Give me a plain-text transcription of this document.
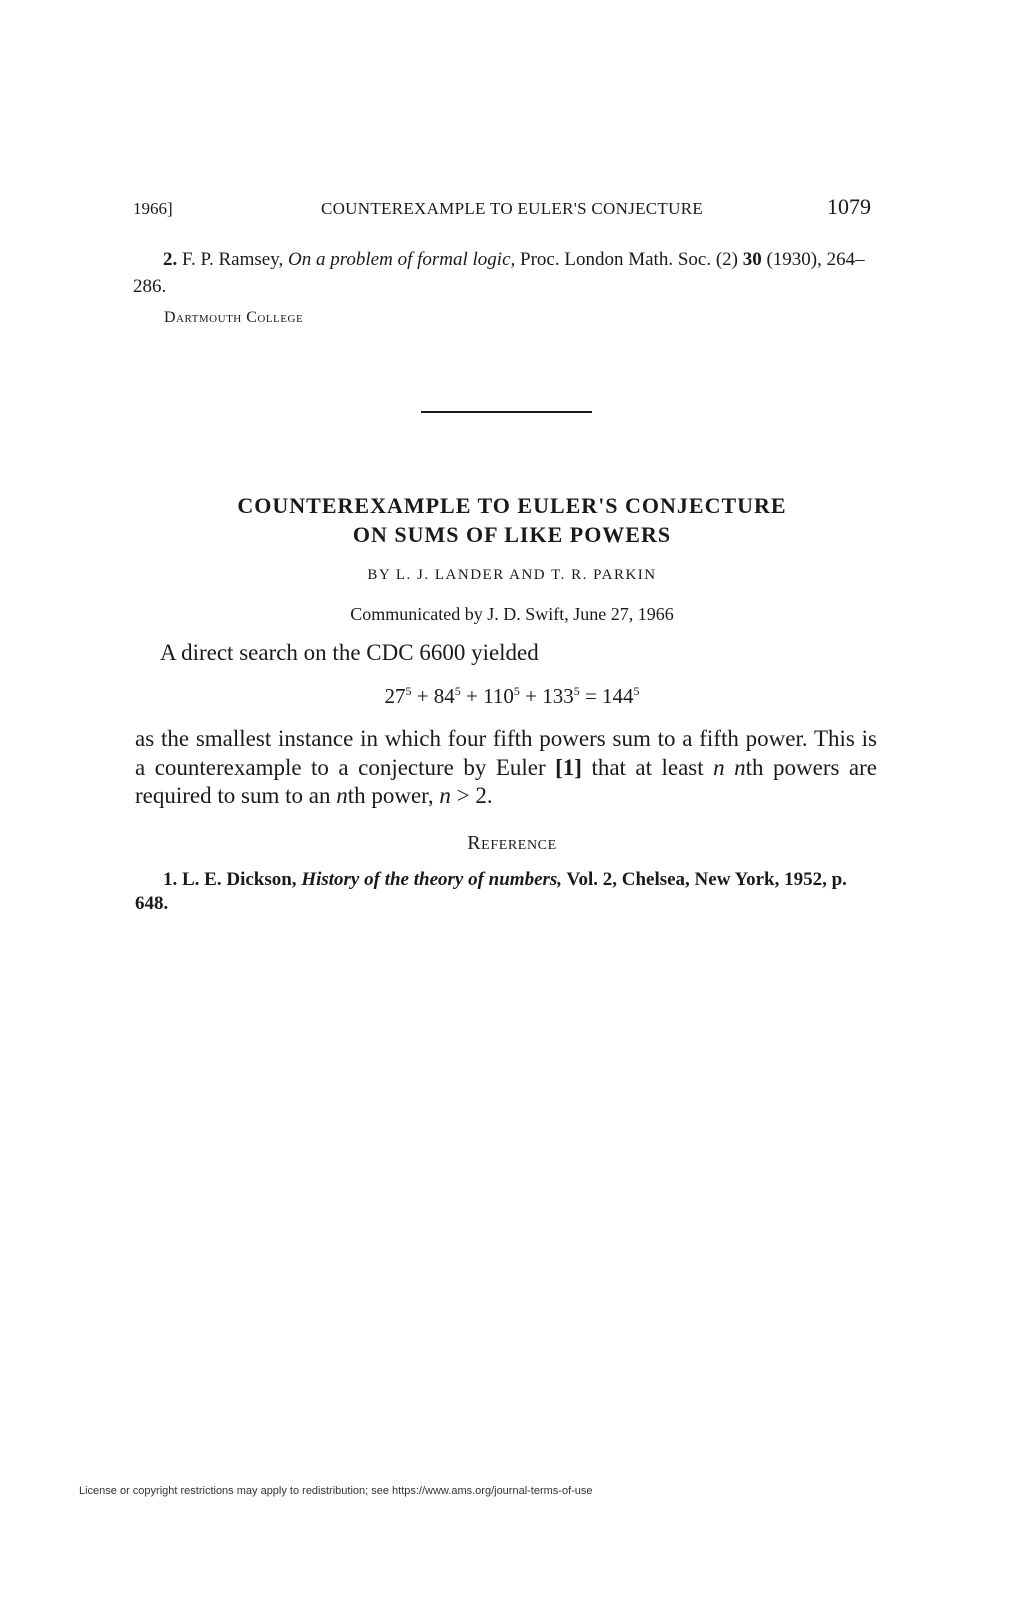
1966]	COUNTEREXAMPLE TO EULER'S CONJECTURE	1079
2. F. P. Ramsey, On a problem of formal logic, Proc. London Math. Soc. (2) 30 (1930), 264–286.
Dartmouth College
COUNTEREXAMPLE TO EULER'S CONJECTURE
ON SUMS OF LIKE POWERS
BY L. J. LANDER AND T. R. PARKIN
Communicated by J. D. Swift, June 27, 1966
A direct search on the CDC 6600 yielded
$27^5 + 84^5 + 110^5 + 133^5 = 144^5$
as the smallest instance in which four fifth powers sum to a fifth power. This is a counterexample to a conjecture by Euler [1] that at least n nth powers are required to sum to an nth power, n > 2.
Reference
1. L. E. Dickson, History of the theory of numbers, Vol. 2, Chelsea, New York, 1952, p. 648.
License or copyright restrictions may apply to redistribution; see https://www.ams.org/journal-terms-of-use
